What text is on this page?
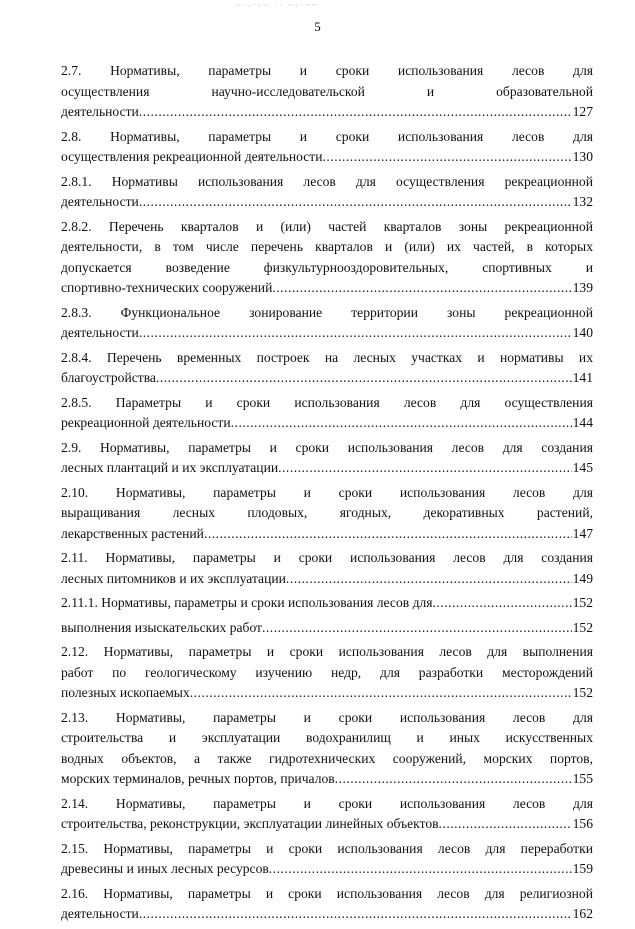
~·‑·‑~ ·· ~‑·~~
5
2.7. Нормативы, параметры и сроки использования лесов для
осуществления научно-исследовательской и образовательной
деятельности .....	127
2.8. Нормативы, параметры и сроки использования лесов для
осуществления рекреационной деятельности .....	130
2.8.1. Нормативы использования лесов для осуществления рекреационной
деятельности .....	132
2.8.2. Перечень кварталов и (или) частей кварталов зоны рекреационной
деятельности, в том числе перечень кварталов и (или) их частей, в которых
допускается возведение физкультурнооздоровительных, спортивных и
спортивно-технических сооружений .....	139
2.8.3. Функциональное зонирование территории зоны рекреационной
деятельности .....	140
2.8.4. Перечень временных построек на лесных участках и нормативы их
благоустройства .....	141
2.8.5. Параметры и сроки использования лесов для осуществления
рекреационной деятельности .....	144
2.9. Нормативы, параметры и сроки использования лесов для создания
лесных плантаций и их эксплуатации .....	145
2.10. Нормативы, параметры и сроки использования лесов для
выращивания лесных плодовых, ягодных, декоративных растений,
лекарственных растений .....	147
2.11. Нормативы, параметры и сроки использования лесов для создания
лесных питомников и их эксплуатации .....	149
2.11.1. Нормативы, параметры и сроки использования лесов для .....	152
выполнения изыскательских работ .....	152
2.12. Нормативы, параметры и сроки использования лесов для выполнения
работ по геологическому изучению недр, для разработки месторождений
полезных ископаемых .....	152
2.13. Нормативы, параметры и сроки использования лесов для
строительства и эксплуатации водохранилищ и иных искусственных
водных объектов, а также гидротехнических сооружений, морских портов,
морских терминалов, речных портов, причалов .....	155
2.14. Нормативы, параметры и сроки использования лесов для
строительства, реконструкции, эксплуатации линейных объектов .....	156
2.15. Нормативы, параметры и сроки использования лесов для переработки
древесины и иных лесных ресурсов .....	159
2.16. Нормативы, параметры и сроки использования лесов для религиозной
деятельности .....	162
